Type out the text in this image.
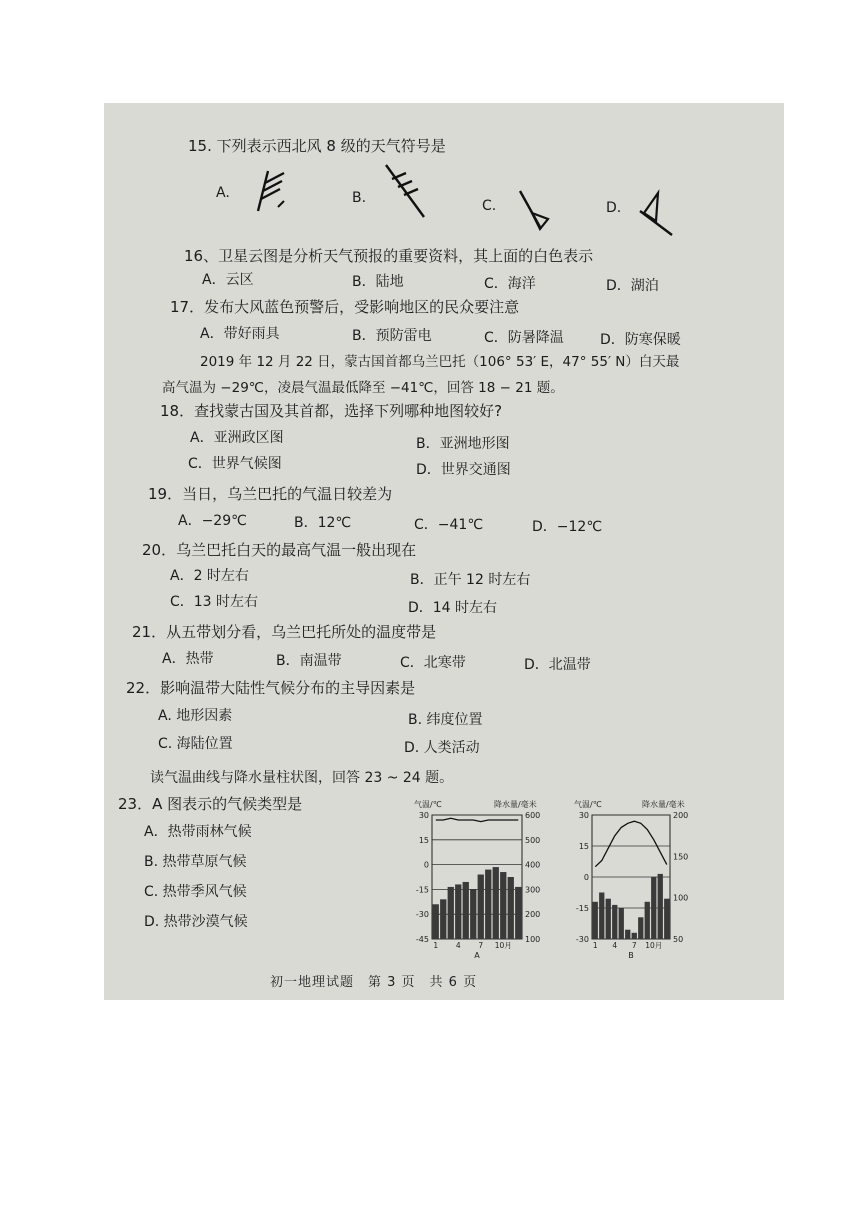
15. 下列表示西北风 8 级的天气符号是
A.	B.	C.	D.
16、卫星云图是分析天气预报的重要资料，其上面的白色表示
A．云区	B．陆地	C．海洋	D．湖泊
17．发布大风蓝色预警后，受影响地区的民众要注意
A．带好雨具	B．预防雷电	C．防暑降温	D．防寒保暖
2019 年 12 月 22 日，蒙古国首都乌兰巴托（106° 53′ E，47° 55′ N）白天最
高气温为 −29℃，凌晨气温最低降至 −41℃，回答 18 − 21 题。
18．查找蒙古国及其首都，选择下列哪种地图较好?
A．亚洲政区图	B．亚洲地形图
C．世界气候图	D．世界交通图
19．当日，乌兰巴托的气温日较差为
A．−29℃	B．12℃	C．−41℃	D．−12℃
20．乌兰巴托白天的最高气温一般出现在
A．2 时左右	B．正午 12 时左右
C．13 时左右	D．14 时左右
21．从五带划分看，乌兰巴托所处的温度带是
A．热带	B．南温带	C．北寒带	D．北温带
22．影响温带大陆性气候分布的主导因素是
A. 地形因素	B. 纬度位置
C. 海陆位置	D. 人类活动
读气温曲线与降水量柱状图，回答 23 ~ 24 题。
23．A 图表示的气候类型是
A．热带雨林气候
B. 热带草原气候
C. 热带季风气候
D. 热带沙漠气候
气温/℃	降水量/毫米
30
15
0
-15
-30
-45
600
500
400
300
200
100
1 4 7 10月
A
气温/℃	降水量/毫米
30
15
0
-15
-30
200
150
100
50
1 4 7 10月
B
初一地理试题　第 3 页　共 6 页
